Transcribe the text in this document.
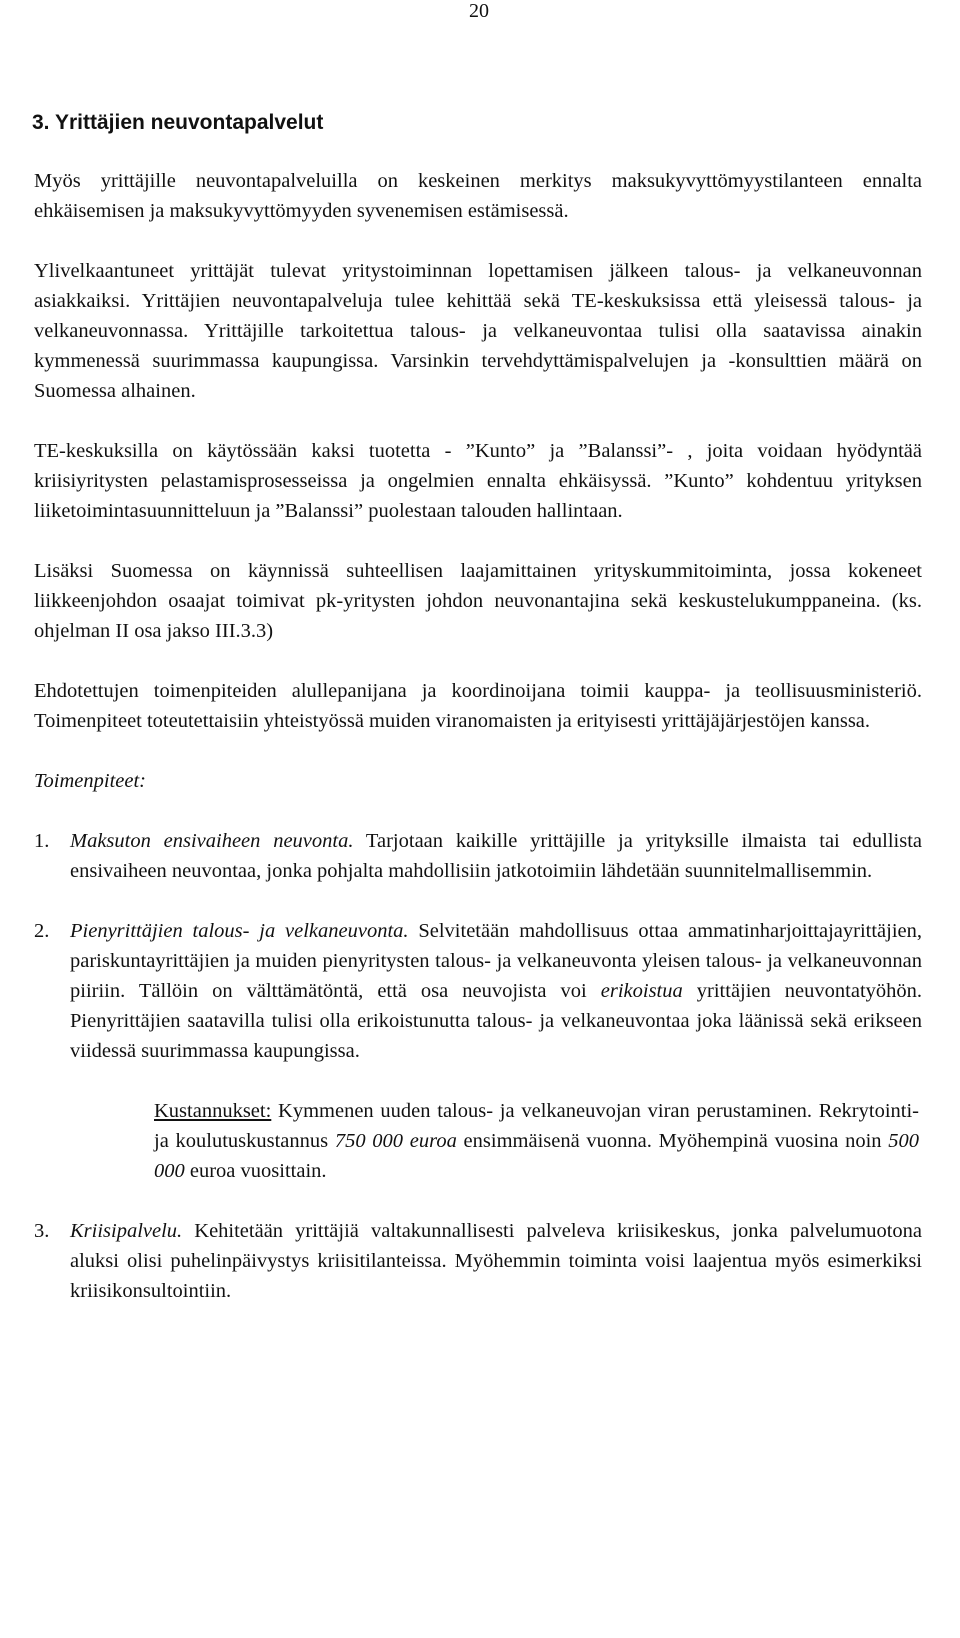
20
3. Yrittäjien neuvontapalvelut

Myös yrittäjille neuvontapalveluilla on keskeinen merkitys maksukyvyttömyystilanteen ennalta ehkäisemisen ja maksukyvyttömyyden syvenemisen estämisessä.

Ylivelkaantuneet yrittäjät tulevat yritystoiminnan lopettamisen jälkeen talous- ja velkaneuvonnan asiakkaiksi. Yrittäjien neuvontapalveluja tulee kehittää sekä TE-keskuksissa että yleisessä talous- ja velkaneuvonnassa. Yrittäjille tarkoitettua talous- ja velkaneuvontaa tulisi olla saatavissa ainakin kymmenessä suurimmassa kaupungissa. Varsinkin tervehdyttämispalvelujen ja -konsulttien määrä on Suomessa alhainen.

TE-keskuksilla on käytössään kaksi tuotetta - ”Kunto” ja ”Balanssi”- , joita voidaan hyödyntää kriisiyritysten pelastamisprosesseissa ja ongelmien ennalta ehkäisyssä. ”Kunto” kohdentuu yrityksen liiketoimintasuunnitteluun ja ”Balanssi” puolestaan talouden hallintaan.

Lisäksi Suomessa on käynnissä suhteellisen laajamittainen yrityskummitoiminta, jossa kokeneet liikkeenjohdon osaajat toimivat pk-yritysten johdon neuvonantajina sekä keskustelukumppaneina. (ks. ohjelman II osa jakso III.3.3)

Ehdotettujen toimenpiteiden alullepanijana ja koordinoijana toimii kauppa- ja teollisuusministeriö. Toimenpiteet toteutettaisiin yhteistyössä muiden viranomaisten ja erityisesti yrittäjäjärjestöjen kanssa.

Toimenpiteet:
1.	Maksuton ensivaiheen neuvonta. Tarjotaan kaikille yrittäjille ja yrityksille ilmaista tai edullista ensivaiheen neuvontaa, jonka pohjalta mahdollisiin jatkotoimiin lähdetään suunnitelmallisemmin.
2.	Pienyrittäjien talous- ja velkaneuvonta. Selvitetään mahdollisuus ottaa ammatinharjoittajayrittäjien, pariskuntayrittäjien ja muiden pienyritysten talous- ja velkaneuvonta yleisen talous- ja velkaneuvonnan piiriin. Tällöin on välttämätöntä, että osa neuvojista voi erikoistua yrittäjien neuvontatyöhön. Pienyrittäjien saatavilla tulisi olla erikoistunutta talous- ja velkaneuvontaa joka läänissä sekä erikseen viidessä suurimmassa kaupungissa.
Kustannukset: Kymmenen uuden talous- ja velkaneuvojan viran perustaminen. Rekrytointi- ja koulutuskustannus 750 000 euroa ensimmäisenä vuonna. Myöhempinä vuosina noin 500 000 euroa vuosittain.
3.	Kriisipalvelu. Kehitetään yrittäjiä valtakunnallisesti palveleva kriisikeskus, jonka palvelumuotona aluksi olisi puhelinpäivystys kriisitilanteissa. Myöhemmin toiminta voisi laajentua myös esimerkiksi kriisikonsultointiin.
